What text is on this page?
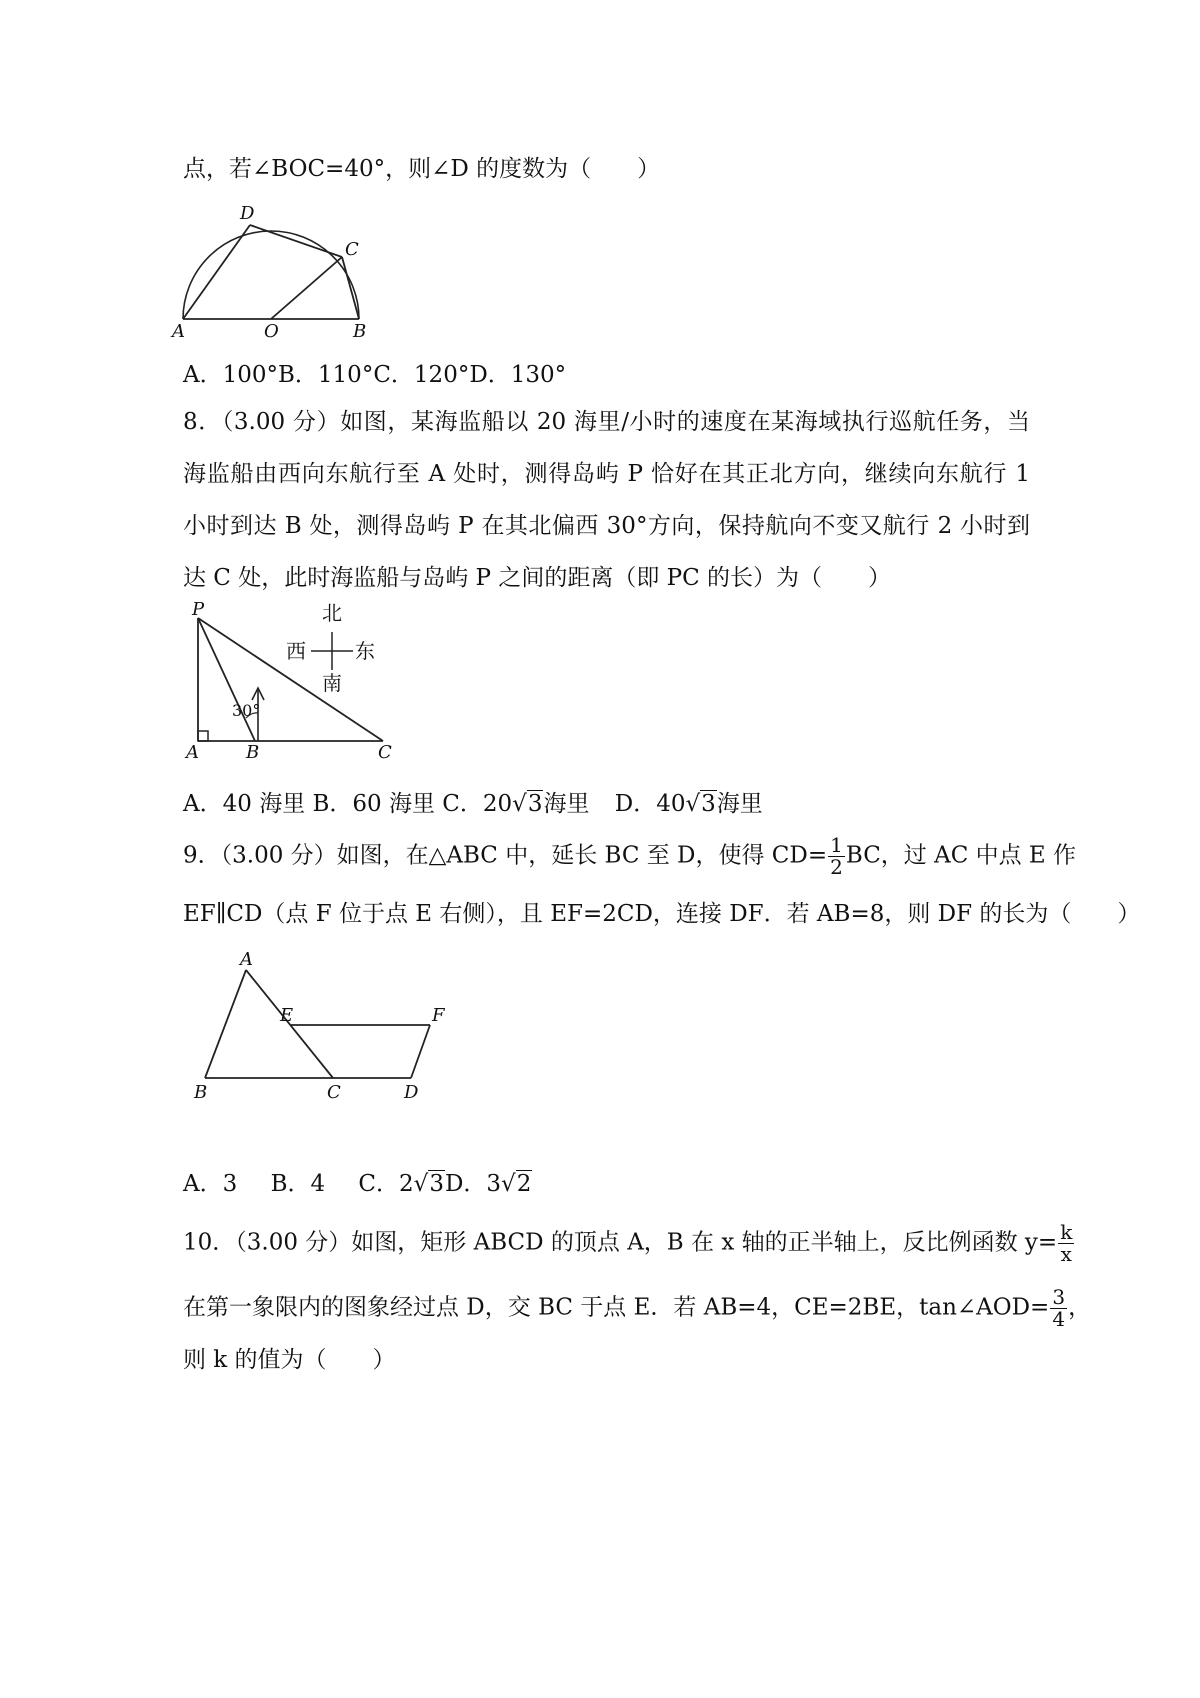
点，若∠BOC=40°，则∠D 的度数为（　　）
D
C
A	O	B
A．100°B．110°C．120°D．130°
8．（3.00 分）如图，某海监船以 20 海里/小时的速度在某海域执行巡航任务，当
海监船由西向东航行至 A 处时，测得岛屿 P 恰好在其正北方向，继续向东航行 1
小时到达 B 处，测得岛屿 P 在其北偏西 30°方向，保持航向不变又航行 2 小时到
达 C 处，此时海监船与岛屿 P 之间的距离（即 PC 的长）为（　　）
30°
P
A	B	C
北
西 东
南
A．40 海里 B．60 海里 C．20√3海里 D．40√3海里
9．（3.00 分）如图，在△ABC 中，延长 BC 至 D，使得 $CD= \frac{1}{2}$ BC，过 AC 中点 E 作
EF∥CD（点 F 位于点 E 右侧），且 EF=2CD，连接 DF．若 AB=8，则 DF 的长为（　　）
A
E	F
B	C	D
A．3 B．4 C．2√3D．3√2
10．（3.00 分）如图，矩形 ABCD 的顶点 A，B 在 x 轴的正半轴上，反比例函数 $y= \frac{k}{x}$
在第一象限内的图象经过点 D，交 BC 于点 E．若 AB=4，CE=2BE，tan∠AOD= $\frac{3}{4}$ ，
则 k 的值为（　　）
